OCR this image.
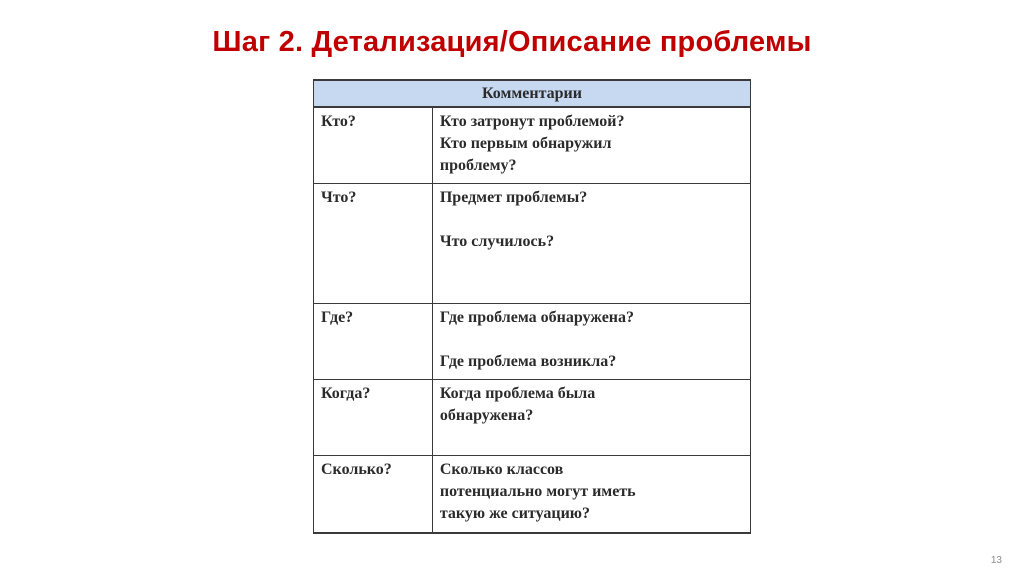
Шаг 2. Детализация/Описание проблемы
Комментарии	
Кто?	Кто затронут проблемой?
Кто первым обнаружил
проблему?

Что?	Предмет проблемы?
Что случилось?

Где?	Где проблема обнаружена?
Где проблема возникла?

Когда?	Когда проблема была
обнаружена?

Сколько?	Сколько классов
потенциально могут иметь
такую же ситуацию?
13
